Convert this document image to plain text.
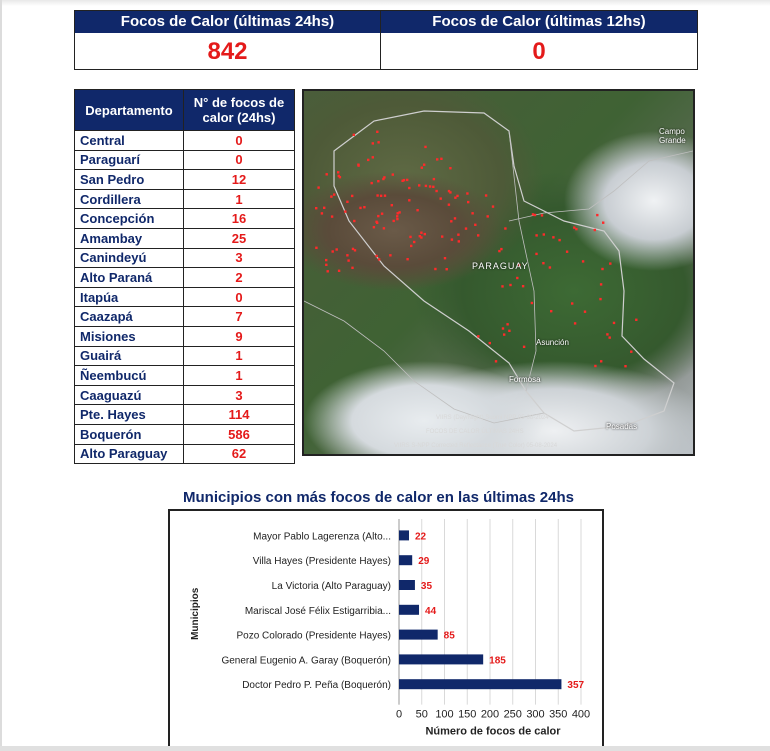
Focos de Calor (últimas 24hs)	Focos de Calor (últimas 12hs)
842	0
Departamento	N° de focos de calor (24hs)
Central	0
Paraguarí	0
San Pedro	12
Cordillera	1
Concepción	16
Amambay	25
Canindeyú	3
Alto Paraná	2
Itapúa	0
Caazapá	7
Misiones	9
Guairá	1
Ñeembucú	1
Caaguazú	3
Pte. Hayes	114
Boquerón	586
Alto Paraguay	62
Campo Grande
PARAGUAY
Asunción
Formosa
Posadas
VIIRS (Day/Night) Suomi NPP 05-08-2024
FOCOS DE CALOR ÚLTIMAS 24HS
VIIRS S-NPP Corrected Reflectance (True Color) 05-08-2024
Municipios con más focos de calor en las últimas 24hs
0 50 100 150 200 250 300 350 400
Mayor Pablo Lagerenza (Alto... 22
Villa Hayes (Presidente Hayes)	29
La Victoria (Alto Paraguay)	35
Mariscal José Félix Estigarribia...	44
Pozo Colorado (Presidente Hayes)	85
General Eugenio A. Garay (Boquerón)	185
Doctor Pedro P. Peña (Boquerón)	357
Número de focos de calor
Municipios
